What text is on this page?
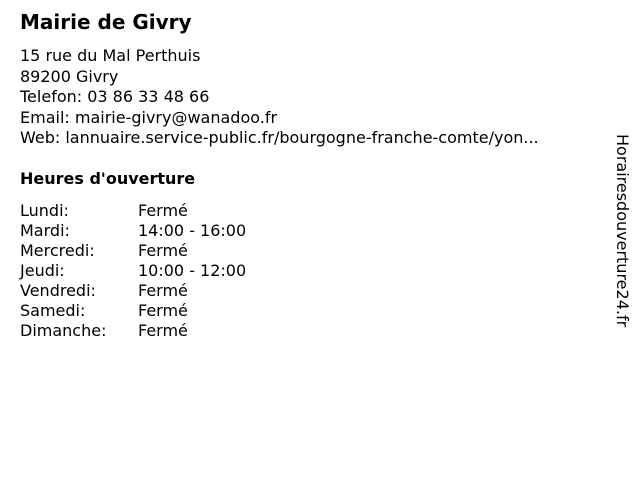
Mairie de Givry
15 rue du Mal Perthuis
89200 Givry
Telefon: 03 86 33 48 66
Email: mairie-givry@wanadoo.fr
Web: lannuaire.service-public.fr/bourgogne-franche-comte/yon...
Heures d'ouverture
Lundi:	Fermé
Mardi:	14:00 - 16:00
Mercredi:	Fermé
Jeudi:	10:00 - 12:00
Vendredi:	Fermé
Samedi:	Fermé
Dimanche:	Fermé
Horairesdouverture24.fr
